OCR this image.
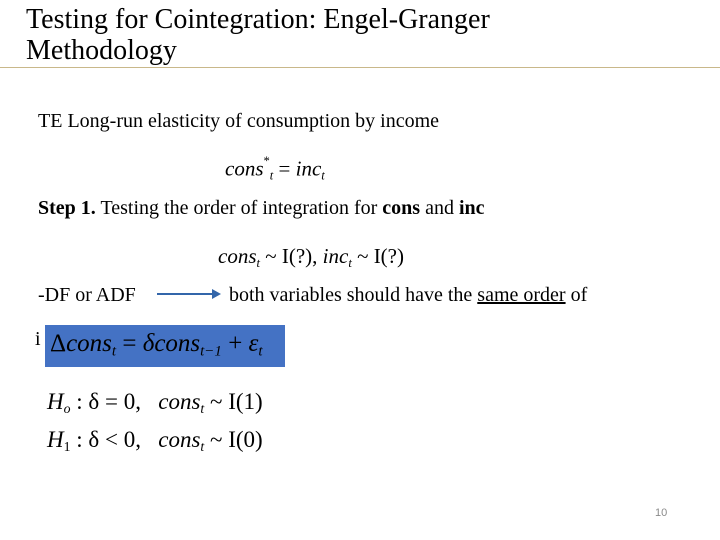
Testing for Cointegration: Engel-Granger
Methodology
TE Long-run elasticity of consumption by income
cons*t = inct
Step 1. Testing the order of integration for cons and inc
const ~ I(?), inct ~ I(?)
-DF or ADF	both variables should have the same order of
i Δconst = δconst−1 + εt
Ho : δ = 0,   const ~ I(1)
H1 : δ < 0,   const ~ I(0)
10
